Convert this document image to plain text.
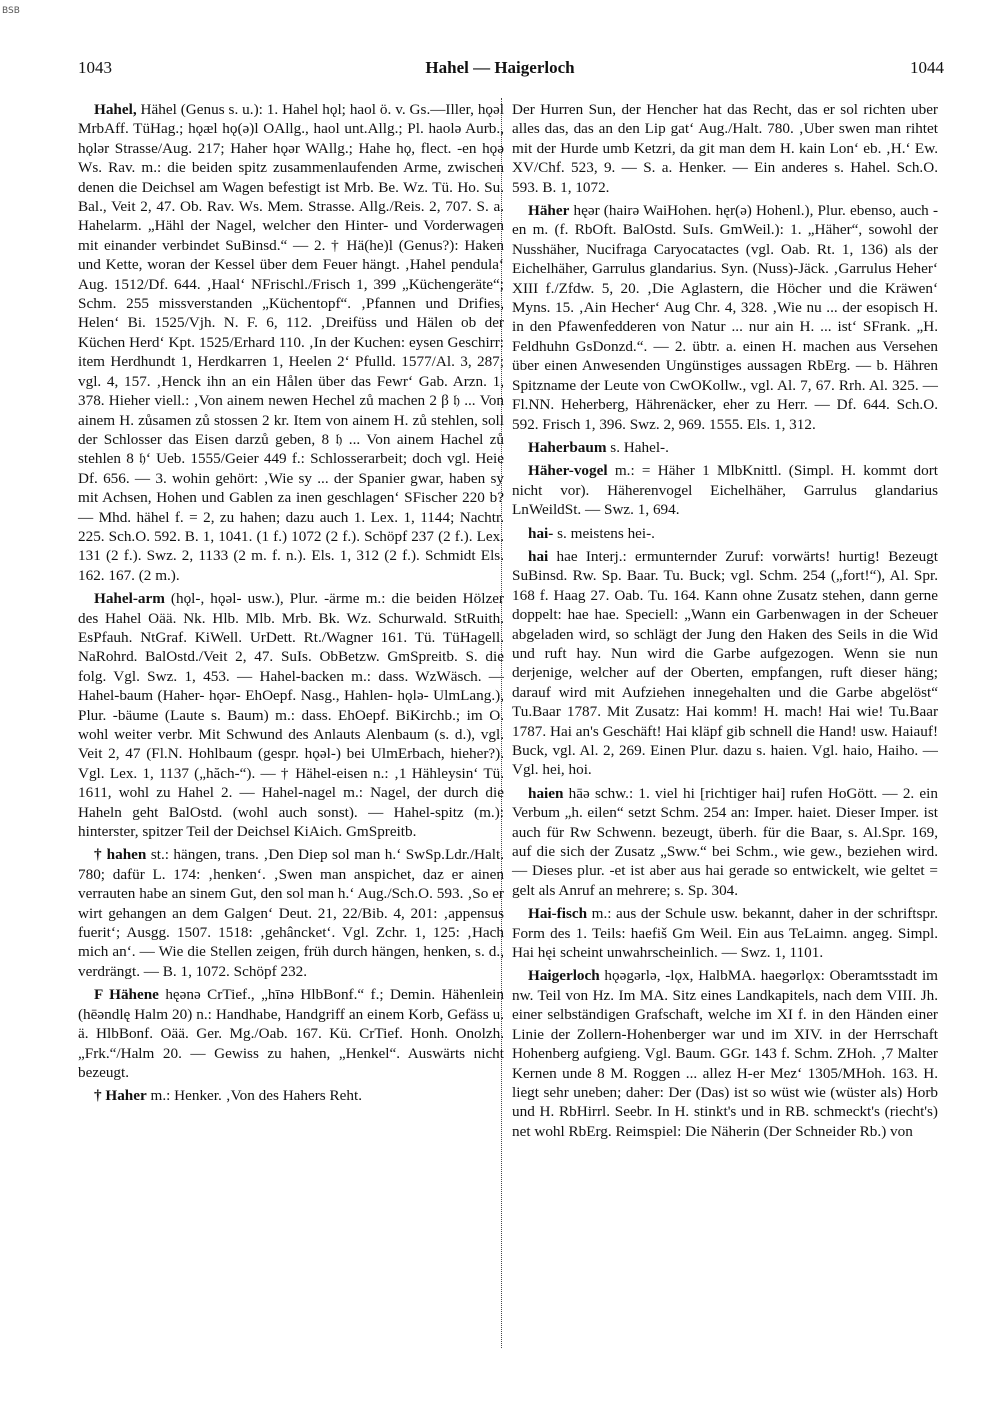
BSB
1043	Hahel — Haigerloch	1044

Hahel, Hähel (Genus s. u.): 1. Hahel hǫl; haol ö. v. Gs.—Iller, hǫəl MrbAff. TüHag.; hǫæl hǫ(ə)l OAllg., haol unt.Allg.; Pl. haolə Aurb., hǫlər Strasse/Aug. 217; Haher hǫər WAllg.; Hahe hǫ, flect. -en hǫə Ws. Rav. m.: die beiden spitz zusammenlaufenden Arme, zwischen denen die Deichsel am Wagen befestigt ist Mrb. Be. Wz. Tü. Ho. Su. Bal., Veit 2, 47. Ob. Rav. Ws. Mem. Strasse. Allg./Reis. 2, 707. S. a. Hahelarm. „Hähl der Nagel, welcher den Hinter- und Vorderwagen mit einander verbindet SuBinsd.“ — 2. † Hä(he)l (Genus?): Haken und Kette, woran der Kessel über dem Feuer hängt. ‚Hahel pendula‘ Aug. 1512/Df. 644. ‚Haal‘ NFrischl./Frisch 1, 399 „Küchengeräte“; Schm. 255 missverstanden „Küchentopf“. ‚Pfannen und Drifies, Helen‘ Bi. 1525/Vjh. N. F. 6, 112. ‚Dreifüss und Hälen ob der Küchen Herd‘ Kpt. 1525/Erhard 110. ‚In der Kuchen: eysen Geschirr: item Herdhundt 1, Herdkarren 1, Heelen 2‘ Pfulld. 1577/Al. 3, 287; vgl. 4, 157. ‚Henck ihn an ein Hålen über das Fewr‘ Gab. Arzn. 1, 378. Hieher viell.: ‚Von ainem newen Hechel zů machen 2 β 𝔥 ... Von ainem H. zůsamen zů stossen 2 kr. Item von ainem H. zů stehlen, soll der Schlosser das Eisen darzů geben, 8 𝔥 ... Von ainem Hachel zů stehlen 8 𝔥‘ Ueb. 1555/Geier 449 f.: Schlosserarbeit; doch vgl. Heie Df. 656. — 3. wohin gehört: ‚Wie sy ... der Spanier gwar, haben sy mit Achsen, Hohen und Gablen za inen geschlagen‘ SFischer 220 b? — Mhd. hähel f. = 2, zu hahen; dazu auch 1. Lex. 1, 1144; Nachtr. 225. Sch.O. 592. B. 1, 1041. (1 f.) 1072 (2 f.). Schöpf 237 (2 f.). Lex. 131 (2 f.). Swz. 2, 1133 (2 m. f. n.). Els. 1, 312 (2 f.). Schmidt Els. 162. 167. (2 m.).

Hahel-arm (hǫl-, hǫəl- usw.), Plur. -ärme m.: die beiden Hölzer des Hahel Oää. Nk. Hlb. Mlb. Mrb. Bk. Wz. Schurwald. StRuith. EsPfauh. NtGraf. KiWell. UrDett. Rt./Wagner 161. Tü. TüHagell. NaRohrd. BalOstd./Veit 2, 47. SuIs. ObBetzw. GmSpreitb. S. die folg. Vgl. Swz. 1, 453. — Hahel-backen m.: dass. WzWäsch. — Hahel-baum (Haher- hǫər- EhOepf. Nasg., Hahlen- hǫlə- UlmLang.), Plur. -bäume (Laute s. Baum) m.: dass. EhOepf. BiKirchb.; im O. wohl weiter verbr. Mit Schwund des Anlauts Alenbaum (s. d.), vgl. Veit 2, 47 (Fl.N. Hohlbaum (gespr. hǫəl-) bei UlmErbach, hieher?). Vgl. Lex. 1, 1137 („hăch-“). — † Hähel-eisen n.: ‚1 Hähleysin‘ Tü. 1611, wohl zu Hahel 2. — Hahel-nagel m.: Nagel, der durch die Haheln geht BalOstd. (wohl auch sonst). — Hahel-spitz (m.): hinterster, spitzer Teil der Deichsel KiAich. GmSpreitb.

† hahen st.: hängen, trans. ‚Den Diep sol man h.‘ SwSp.Ldr./Halt. 780; dafür L. 174: ‚henken‘. ‚Swen man anspichet, daz er ainen verrauten habe an sinem Gut, den sol man h.‘ Aug./Sch.O. 593. ‚So er wirt gehangen an dem Galgen‘ Deut. 21, 22/Bib. 4, 201: ‚appensus fuerit‘; Ausgg. 1507. 1518: ‚gehâncket‘. Vgl. Zchr. 1, 125: ‚Hach mich an‘. — Wie die Stellen zeigen, früh durch hängen, henken, s. d., verdrängt. — B. 1, 1072. Schöpf 232.

F Hähene hęənə CrTief., „hīnə HlbBonf.“ f.; Demin. Hähenlein (hēəndlę Halm 20) n.: Handhabe, Handgriff an einem Korb, Gefäss u. ä. HlbBonf. Oää. Ger. Mg./Oab. 167. Kü. CrTief. Honh. Onolzh. „Frk.“/Halm 20. — Gewiss zu hahen, „Henkel“. Auswärts nicht bezeugt.

† Haher m.: Henker. ‚Von des Hahers Reht.

Der Hurren Sun, der Hencher hat das Recht, das er sol richten uber alles das, das an den Lip gat‘ Aug./Halt. 780. ‚Uber swen man rihtet mit der Hurde umb Ketzri, da git man dem H. kain Lon‘ eb. ‚H.‘ Ew. XV/Chf. 523, 9. — S. a. Henker. — Ein anderes s. Hahel. Sch.O. 593. B. 1, 1072.

Häher hęər (hairə WaiHohen. hęr(ə) Hohenl.), Plur. ebenso, auch -en m. (f. RbOft. BalOstd. SuIs. GmWeil.): 1. „Häher“, sowohl der Nusshäher, Nucifraga Caryocatactes (vgl. Oab. Rt. 1, 136) als der Eichelhäher, Garrulus glandarius. Syn. (Nuss)-Jäck. ‚Garrulus Heher‘ XIII f./Zfdw. 5, 20. ‚Die Aglastern, die Höcher und die Kräwen‘ Myns. 15. ‚Ain Hecher‘ Aug Chr. 4, 328. ‚Wie nu ... der esopisch H. in den Pfawenfedderen von Natur ... nur ain H. ... ist‘ SFrank. „H. Feldhuhn GsDonzd.“. — 2. übtr. a. einen H. machen aus Versehen über einen Anwesenden Ungünstiges aussagen RbErg. — b. Hähren Spitzname der Leute von CwOKollw., vgl. Al. 7, 67. Rrh. Al. 325. — Fl.NN. Heherberg, Hährenäcker, eher zu Herr. — Df. 644. Sch.O. 592. Frisch 1, 396. Swz. 2, 969. 1555. Els. 1, 312.

Haherbaum s. Hahel-.

Häher-vogel m.: = Häher 1 MlbKnittl. (Simpl. H. kommt dort nicht vor). Häherenvogel Eichelhäher, Garrulus glandarius LnWeildSt. — Swz. 1, 694.

hai- s. meistens hei-.

hai hae Interj.: ermunternder Zuruf: vorwärts! hurtig! Bezeugt SuBinsd. Rw. Sp. Baar. Tu. Buck; vgl. Schm. 254 („fort!“), Al. Spr. 168 f. Haag 27. Oab. Tu. 164. Kann ohne Zusatz stehen, dann gerne doppelt: hae hae. Speciell: „Wann ein Garbenwagen in der Scheuer abgeladen wird, so schlägt der Jung den Haken des Seils in die Wid und ruft hay. Nun wird die Garbe aufgezogen. Wenn sie nun derjenige, welcher auf der Oberten, empfangen, ruft dieser häng; darauf wird mit Aufziehen innegehalten und die Garbe abgelöst“ Tu.Baar 1787. Mit Zusatz: Hai komm! H. mach! Hai wie! Tu.Baar 1787. Hai an's Geschäft! Hai kläpf gib schnell die Hand! usw. Haiauf! Buck, vgl. Al. 2, 269. Einen Plur. dazu s. haien. Vgl. haio, Haiho. — Vgl. hei, hoi.

haien hāə schw.: 1. viel hi [richtiger hai] rufen HoGött. — 2. ein Verbum „h. eilen“ setzt Schm. 254 an: Imper. haiet. Dieser Imper. ist auch für Rw Schwenn. bezeugt, überh. für die Baar, s. Al.Spr. 169, auf die sich der Zusatz „Sww.“ bei Schm., wie gew., beziehen wird. — Dieses plur. -et ist aber aus hai gerade so entwickelt, wie geltet = gelt als Anruf an mehrere; s. Sp. 304.

Hai-fisch m.: aus der Schule usw. bekannt, daher in der schriftspr. Form des 1. Teils: haefiš Gm Weil. Ein aus TeLaimn. angeg. Simpl. Hai hęi scheint unwahrscheinlich. — Swz. 1, 1101.

Haigerloch hǫəgərlə, -lǫx, HalbMA. haegərlǫx: Oberamtsstadt im nw. Teil von Hz. Im MA. Sitz eines Landkapitels, nach dem VIII. Jh. einer selbständigen Grafschaft, welche im XI f. in den Händen einer Linie der Zollern-Hohenberger war und im XIV. in der Herrschaft Hohenberg aufgieng. Vgl. Baum. GGr. 143 f. Schm. ZHoh. ‚7 Malter Kernen unde 8 M. Roggen ... allez H-er Mez‘ 1305/MHoh. 163. H. liegt sehr uneben; daher: Der (Das) ist so wüst wie (wüster als) Horb und H. RbHirrl. Seebr. In H. stinkt's und in RB. schmeckt's (riecht's) net wohl RbErg. Reimspiel: Die Näherin (Der Schneider Rb.) von
